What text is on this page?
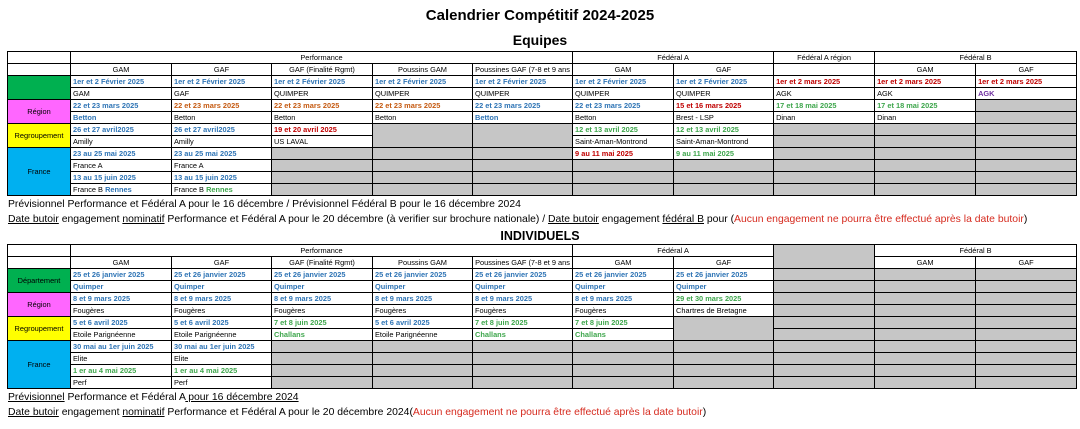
Calendrier Compétitif 2024-2025
Equipes
	Performance					Fédéral A		Fédéral A région	Fédéral B	
	GAM	GAF	GAF (Finalité Rgmt)	Poussins GAM	Poussines GAF (7-8 et 9 ans	GAM	GAF		GAM	GAF
	1er et 2 Février 2025	1er et 2 Février 2025	1er et 2 Février 2025	1er et 2 Février 2025	1er et 2 Février 2025	1er et 2 Février 2025	1er et 2 Février 2025	1er et 2 mars 2025	1er et 2 mars 2025	1er et 2 mars 2025
	GAM	GAF	QUIMPER	QUIMPER	QUIMPER	QUIMPER	QUIMPER	AGK	AGK	AGK
Région	22 et 23 mars 2025	22 et 23 mars 2025	22 et 23 mars 2025	22 et 23 mars 2025	22 et 23 mars 2025	22 et 23 mars 2025	15 et 16 mars 2025	17 et 18 mai 2025	17 et 18 mai 2025	
	Betton	Betton	Betton	Betton	Betton	Betton	Brest - LSP	Dinan	Dinan	
Regroupement	26 et 27 avril2025	26 et 27 avril2025	19 et 20 avril 2025			12 et 13 avril 2025	12 et 13 avril 2025			
	Amilly	Amilly	US LAVAL			Saint-Aman-Montrond	Saint-Aman-Montrond			
France	23 au 25 mai 2025	23 au 25 mai 2025				9 au 11 mai 2025	9 au 11 mai 2025			
	France A	France A								
	13 au 15 juin 2025	13 au 15 juin 2025								
	France B Rennes	France B Rennes								
Prévisionnel Performance et Fédéral A pour le 16 décembre / Prévisionnel Fédéral B pour le 16 décembre 2024
Date butoir engagement nominatif Performance et Fédéral A pour le 20 décembre (à verifier sur brochure nationale) / Date butoir engagement fédéral B pour (Aucun engagement ne pourra être effectué après la date butoir)
INDIVIDUELS
	Performance					Fédéral A			Fédéral B	
	GAM	GAF	GAF (Finalité Rgmt)	Poussins GAM	Poussines GAF (7-8 et 9 ans	GAM	GAF		GAM	GAF
Département	25 et 26 janvier 2025	25 et 26 janvier 2025	25 et 26 janvier 2025	25 et 26 janvier 2025	25 et 26 janvier 2025	25 et 26 janvier 2025	25 et 26 janvier 2025			
	Quimper	Quimper	Quimper	Quimper	Quimper	Quimper	Quimper			
Région	8 et 9 mars 2025	8 et 9 mars 2025	8 et 9 mars 2025	8 et 9 mars 2025	8 et 9 mars 2025	8 et 9 mars 2025	29 et 30 mars 2025			
	Fougères	Fougères	Fougères	Fougères	Fougères	Fougères	Chartres de Bretagne			
Regroupement	5 et 6 avril 2025	5 et 6 avril 2025	7 et 8 juin 2025	5 et 6 avril 2025	7 et 8 juin 2025	7 et 8 juin 2025				
	Etoile Parignéenne	Etoile Parignéenne	Challans	Etoile Parignéenne	Challans	Challans				
France	30 mai au 1er juin 2025	30 mai au 1er juin 2025								
	Elite	Elite								
	1 er au 4 mai 2025	1 er au 4 mai 2025								
	Perf	Perf								
Prévisionnel Performance et Fédéral A pour 16 décembre 2024
Date butoir engagement nominatif Performance et Fédéral A pour le 20 décembre 2024(Aucun engagement ne pourra être effectué après la date butoir)
